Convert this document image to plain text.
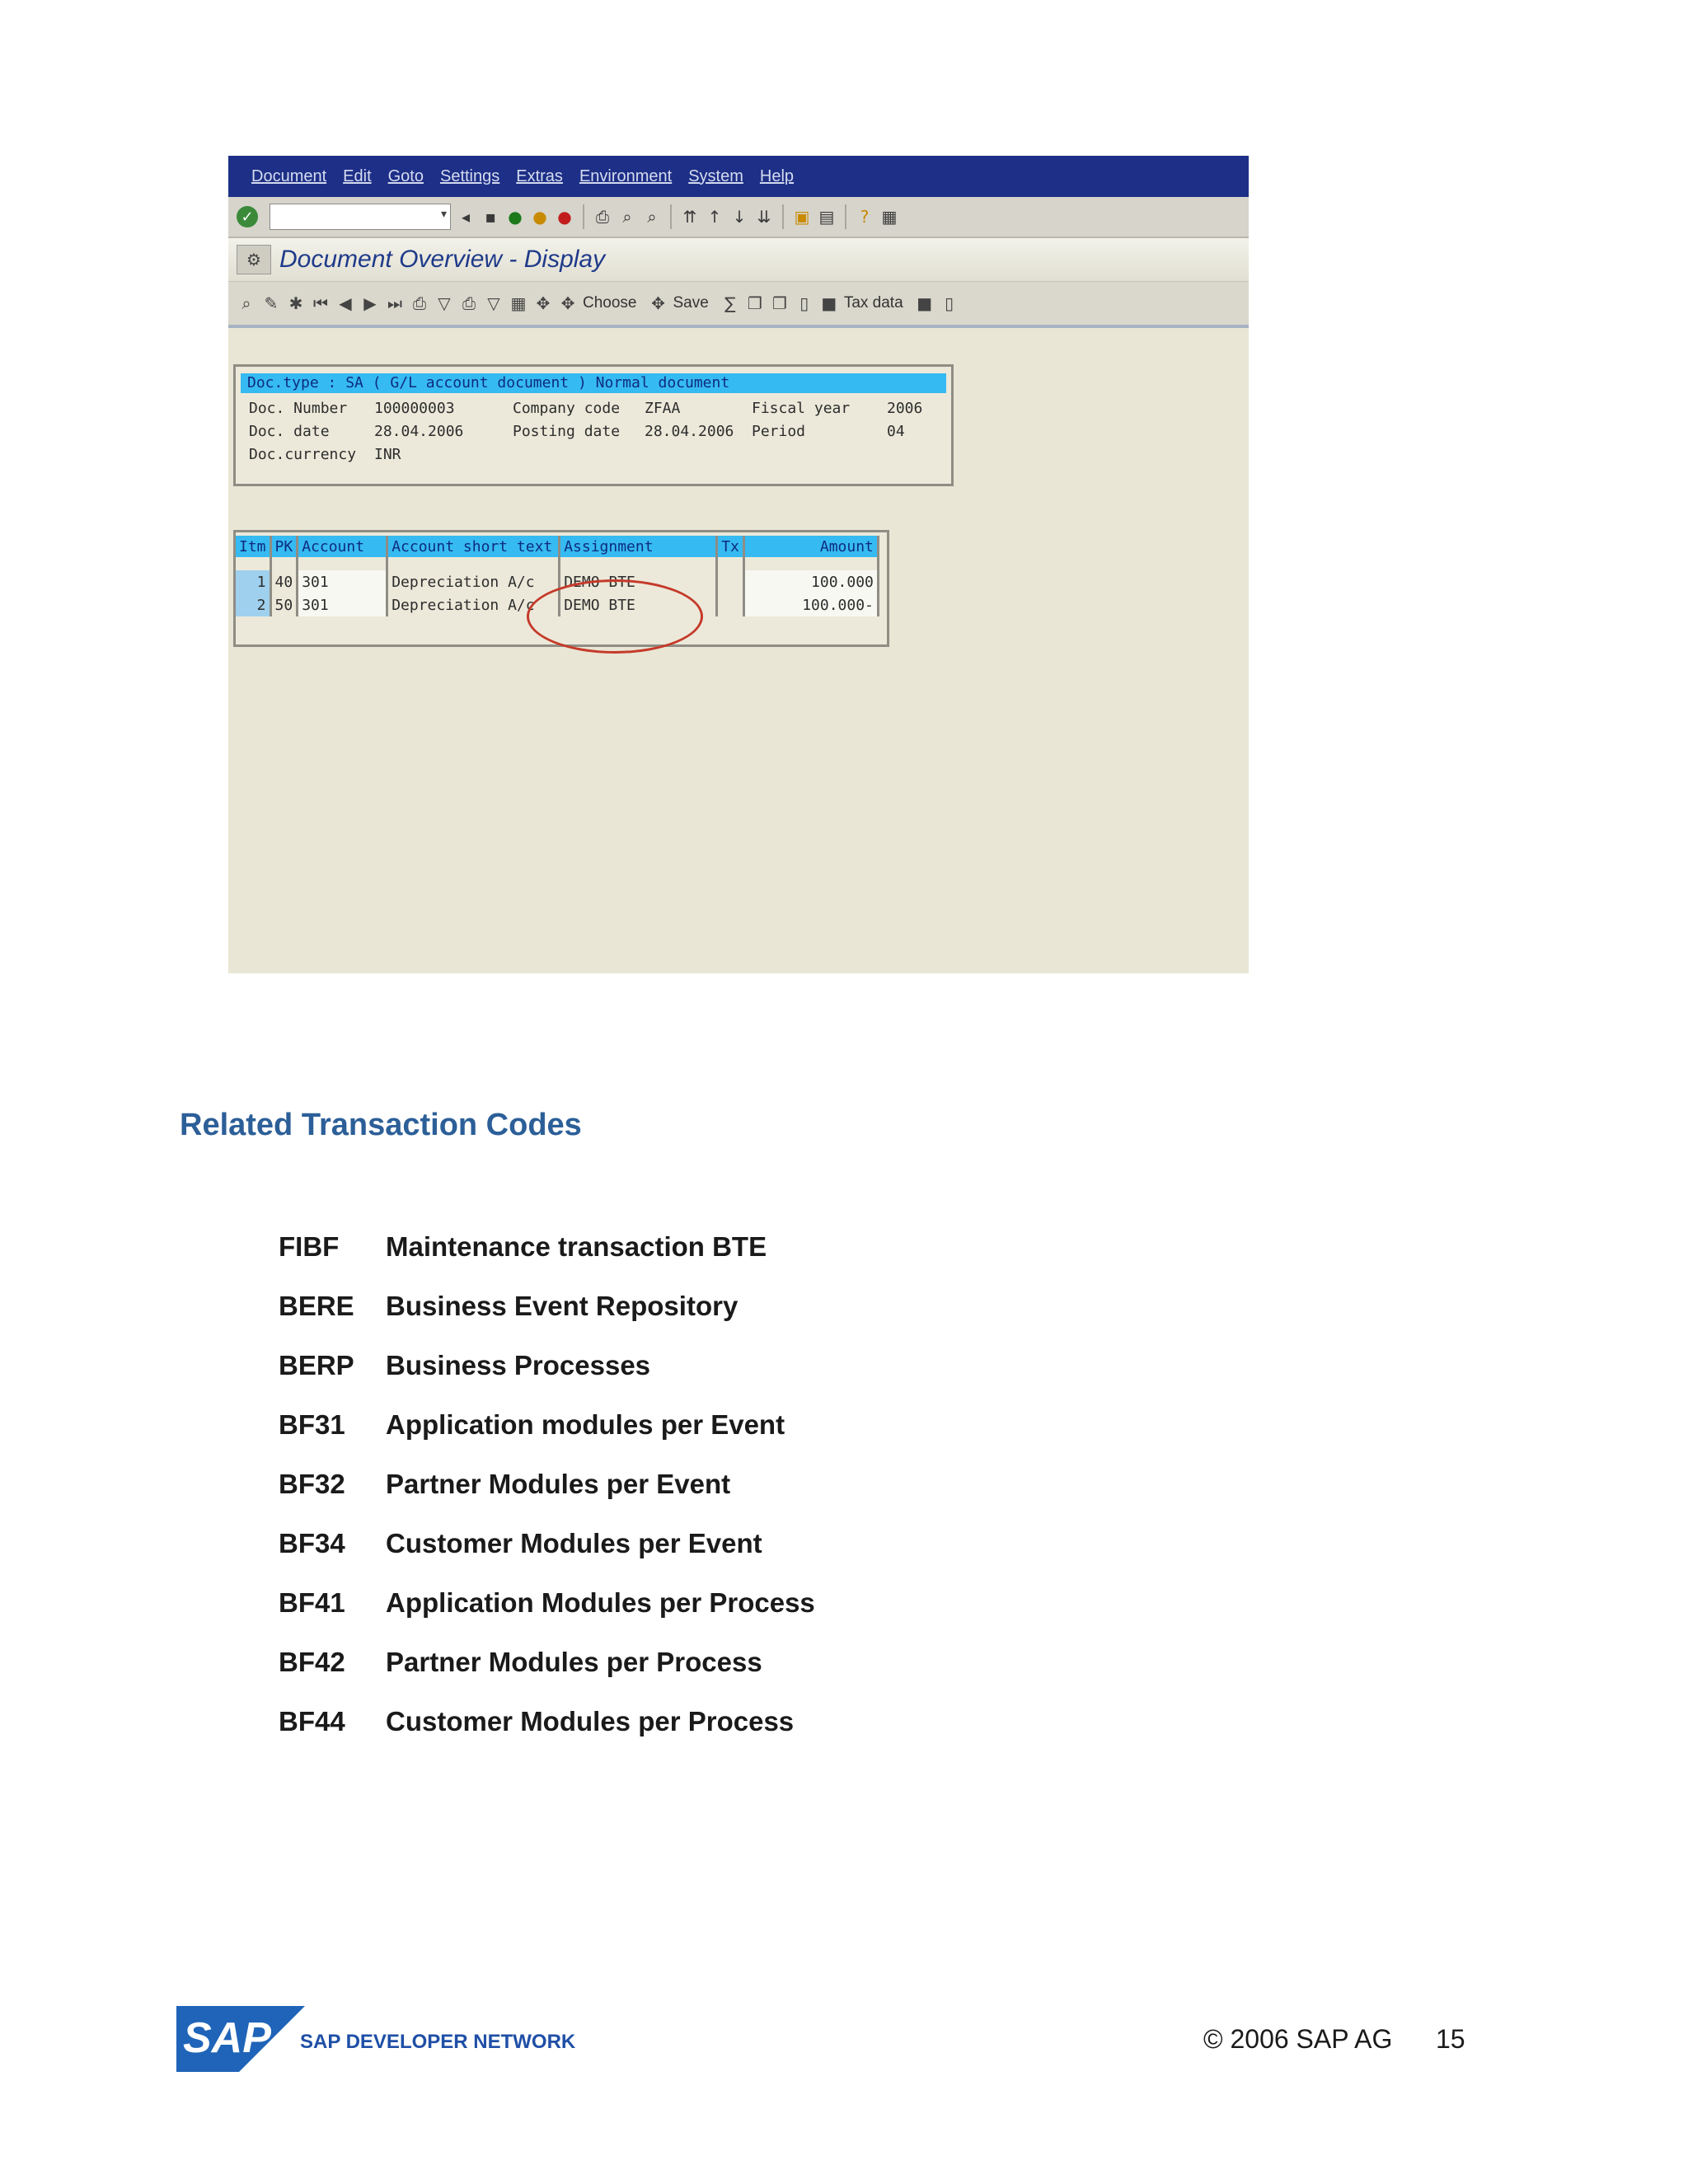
Document Edit Goto Settings Extras Environment System Help
✓	▾ ◂ ▪ ● ● ● ⎙ ⌕ ⌕	⇈ ↑ ↓ ⇊ ▣ ▤	? ▦
⚙ Document Overview - Display
⌕ ✎ ✱ ⏮ ◀ ▶ ⏭ ⎙ ▽ ⎙ ▽ ▦ ✥ ✥ Choose ✥ Save ∑ ❐ ❐ ▯ ■ Tax data ■ ▯
Doc.type : SA ( G/L account document ) Normal document
Doc. Number 100000003	Company code ZFAA	Fiscal year 2006
Doc. date	28.04.2006	Posting date 28.04.2006 Period	04
Doc.currency INR
Itm	PK	Account	Account short text	Assignment	Tx	Amount

1	40	301	Depreciation A/c	DEMO BTE		100.000
2	50	301	Depreciation A/c	DEMO BTE		100.000-
Related Transaction Codes
FIBF	Maintenance transaction BTE
BERE	Business Event Repository
BERP	Business Processes
BF31	Application modules per Event
BF32	Partner Modules per Event
BF34	Customer Modules per Event
BF41	Application Modules per Process
BF42	Partner Modules per Process
BF44	Customer Modules per Process
SAP SAP DEVELOPER NETWORK	© 2006 SAP AG 15
